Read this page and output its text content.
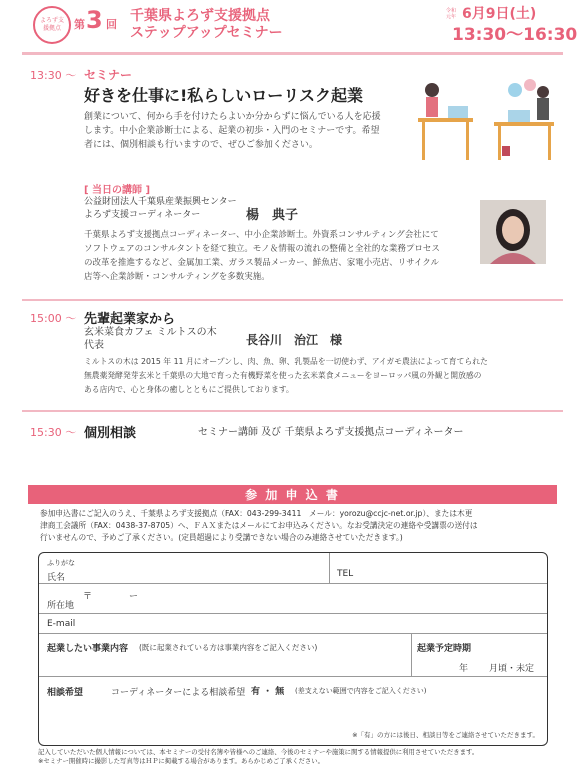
よろず支援拠点	第 3 回
千葉県よろず支援拠点
ステップアップセミナー
令和元年 6月9日(土)
13:30〜16:30
13:30 〜 セミナー
好きを仕事に!私らしいローリスク起業
創業について、何から手を付けたらよいか分からずに悩んでいる人を応援
します。中小企業診断士による、起業の初歩・入門のセミナーです。希望
者には、個別相談も行いますので、ぜひご参加ください。
[ 当日の講師 ]
公益財団法人千葉県産業振興センター
よろず支援コーディネーター	楊　典子
千葉県よろず支援拠点コーディネーター、中小企業診断士。外資系コンサルティング会社にて
ソフトウェアのコンサルタントを経て独立。モノ＆情報の流れの整備と全社的な業務プロセス
の改革を推進するなど、金属加工業、ガラス製品メーカー、鮮魚店、家電小売店、リサイクル
店等へ企業診断・コンサルティングを多数実施。
15:00 〜 先輩起業家から
玄米菜食カフェ ミルトスの木
代表	長谷川　治江　様
ミルトスの木は 2015 年 11 月にオープンし、肉、魚、卵、乳製品を一切使わず、アイガモ農法によって育てられた
無農薬発酵発芽玄米と千葉県の大地で育った有機野菜を使った玄米菜食メニューをヨーロッパ風の外観と開放感の
ある店内で、心と身体の癒しとともにご提供しております。
15:30 〜 個別相談	セミナー講師 及び 千葉県よろず支援拠点コーディネーター
参 加 申 込 書
参加申込書にご記入のうえ、千葉県よろず支援拠点（FAX：043-299-3411　メール：yorozu@ccjc-net.or.jp）、または木更
津商工会議所（FAX：0438-37-8705）へ、ＦＡＸまたはメールにてお申込みください。なお受講決定の連絡や受講票の送付は
行いませんので、予めご了承ください。(定員超過により受講できない場合のみ連絡させていただきます。)
ふりがな
氏名	TEL
所在地
〒	ー
E-mail
起業したい事業内容 (既に起業されている方は事業内容をご記入ください)	起業予定時期
年 月頃・未定
相談希望	コーディネーターによる相談希望 有 ・ 無 (差支えない範囲で内容をご記入ください)
※「有」の方には後日、相談日等をご連絡させていただきます。
記入していただいた個人情報については、本セミナーの受付名簿や皆様へのご連絡、今後のセミナーや施策に関する情報提供に利用させていただきます。
※セミナー開催時に撮影した写真等はＨＰに掲載する場合があります。あらかじめご了承ください。
